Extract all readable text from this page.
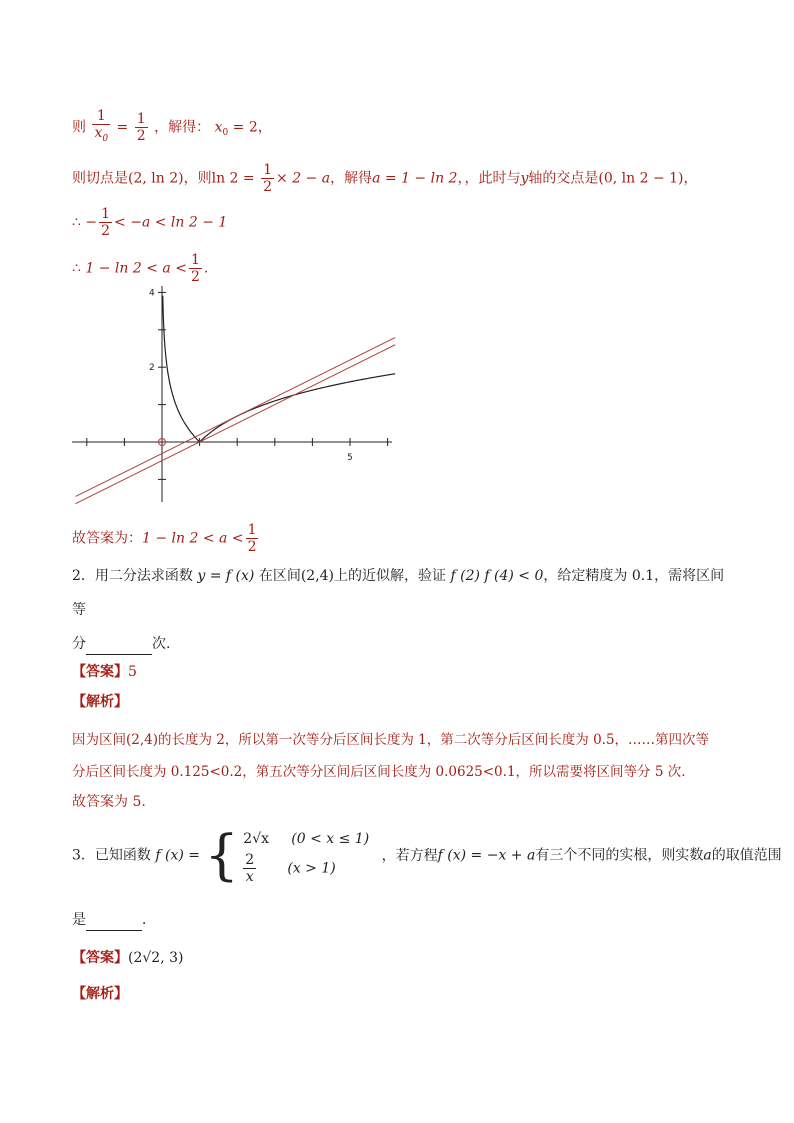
则 $\frac{1}{x_0} = \frac{1}{2}$ ，解得： $x_0 = 2$，
则切点是(2, ln 2)，则$\ln 2 = \frac{1}{2} \times 2 - a$，解得a = 1 − ln 2，，此时与y轴的交点是(0, ln 2 − 1)，
∴ − $\frac{1}{2} < -a < \ln 2 - 1$
∴ $1 - \ln 2 < a < \frac{1}{2}$ .
4
2
5
故答案为：$1 - \ln 2 < a < \frac{1}{2}$
2．用二分法求函数 y = f (x) 在区间(2,4)上的近似解，验证 f (2) f (4) < 0，给定精度为 0.1，需将区间
等
分	次.
【答案】5
【解析】
因为区间(2,4)的长度为 2，所以第一次等分后区间长度为 1，第二次等分后区间长度为 0.5，……第四次等
分后区间长度为 0.125<0.2，第五次等分区间后区间长度为 0.0625<0.1，所以需要将区间等分 5 次.
故答案为 5.
3．已知函数 f (x) = { 2√x (0 < x ≤ 1)
$\frac{2}{x} (x > 1)$
，若方程f (x) = −x + a有三个不同的实根，则实数a的取值范围
是	．
【答案】(2√2, 3)
【解析】
